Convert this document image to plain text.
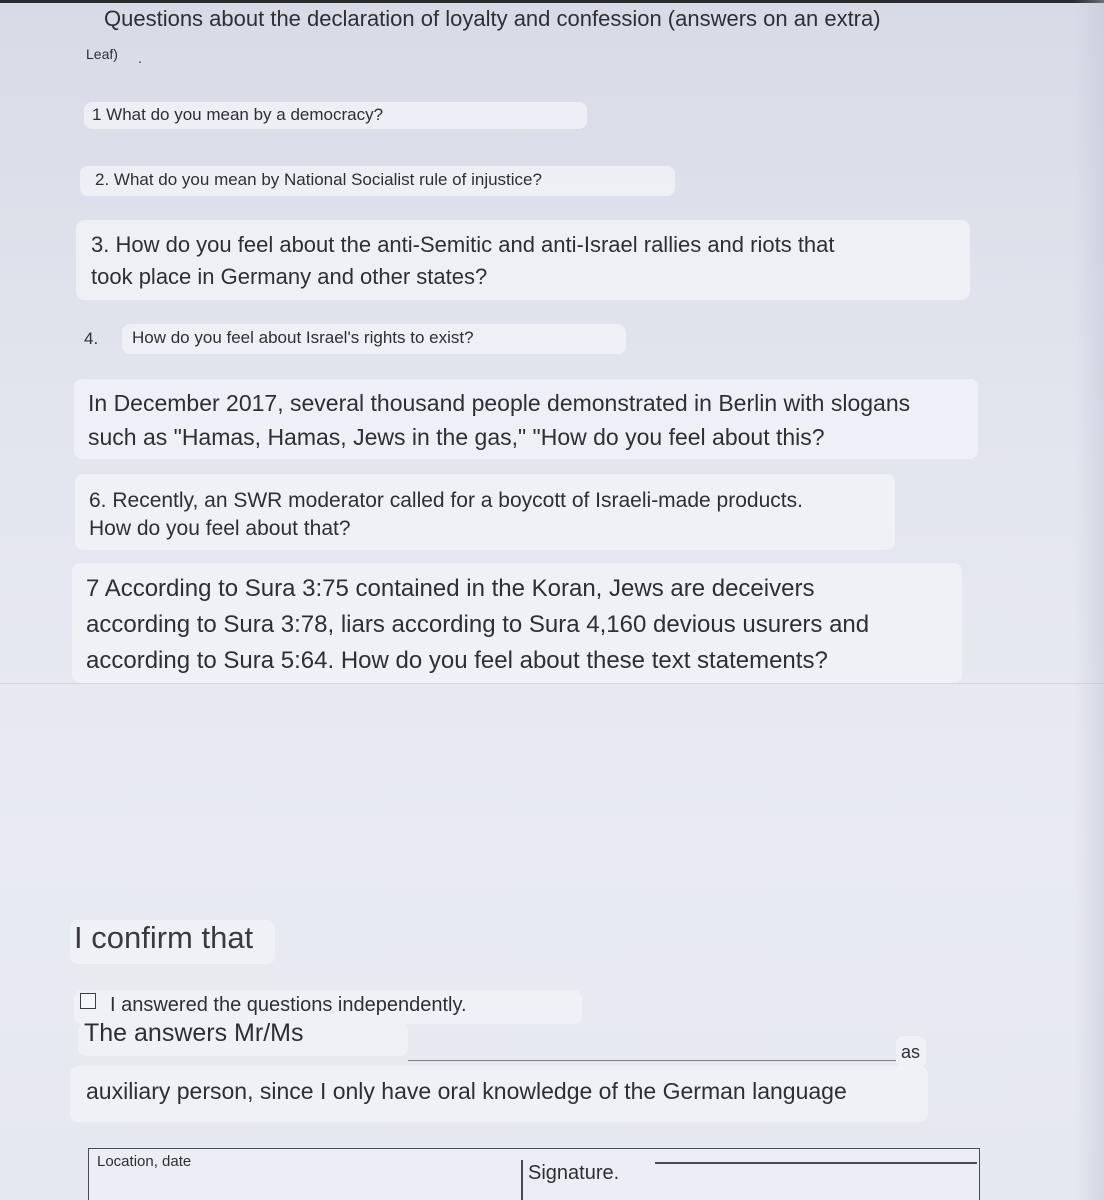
Questions about the declaration of loyalty and confession (answers on an extra)
Leaf) .
1 What do you mean by a democracy?
2. What do you mean by National Socialist rule of injustice?
3. How do you feel about the anti-Semitic and anti-Israel rallies and riots that
took place in Germany and other states?
4. How do you feel about Israel's rights to exist?
In December 2017, several thousand people demonstrated in Berlin with slogans
such as "Hamas, Hamas, Jews in the gas," "How do you feel about this?
6. Recently, an SWR moderator called for a boycott of Israeli-made products.
How do you feel about that?
7 According to Sura 3:75 contained in the Koran, Jews are deceivers
according to Sura 3:78, liars according to Sura 4,160 devious usurers and
according to Sura 5:64. How do you feel about these text statements?
I confirm that
I answered the questions independently.
The answers Mr/Ms
as
auxiliary person, since I only have oral knowledge of the German language
Location, date
Signature.
